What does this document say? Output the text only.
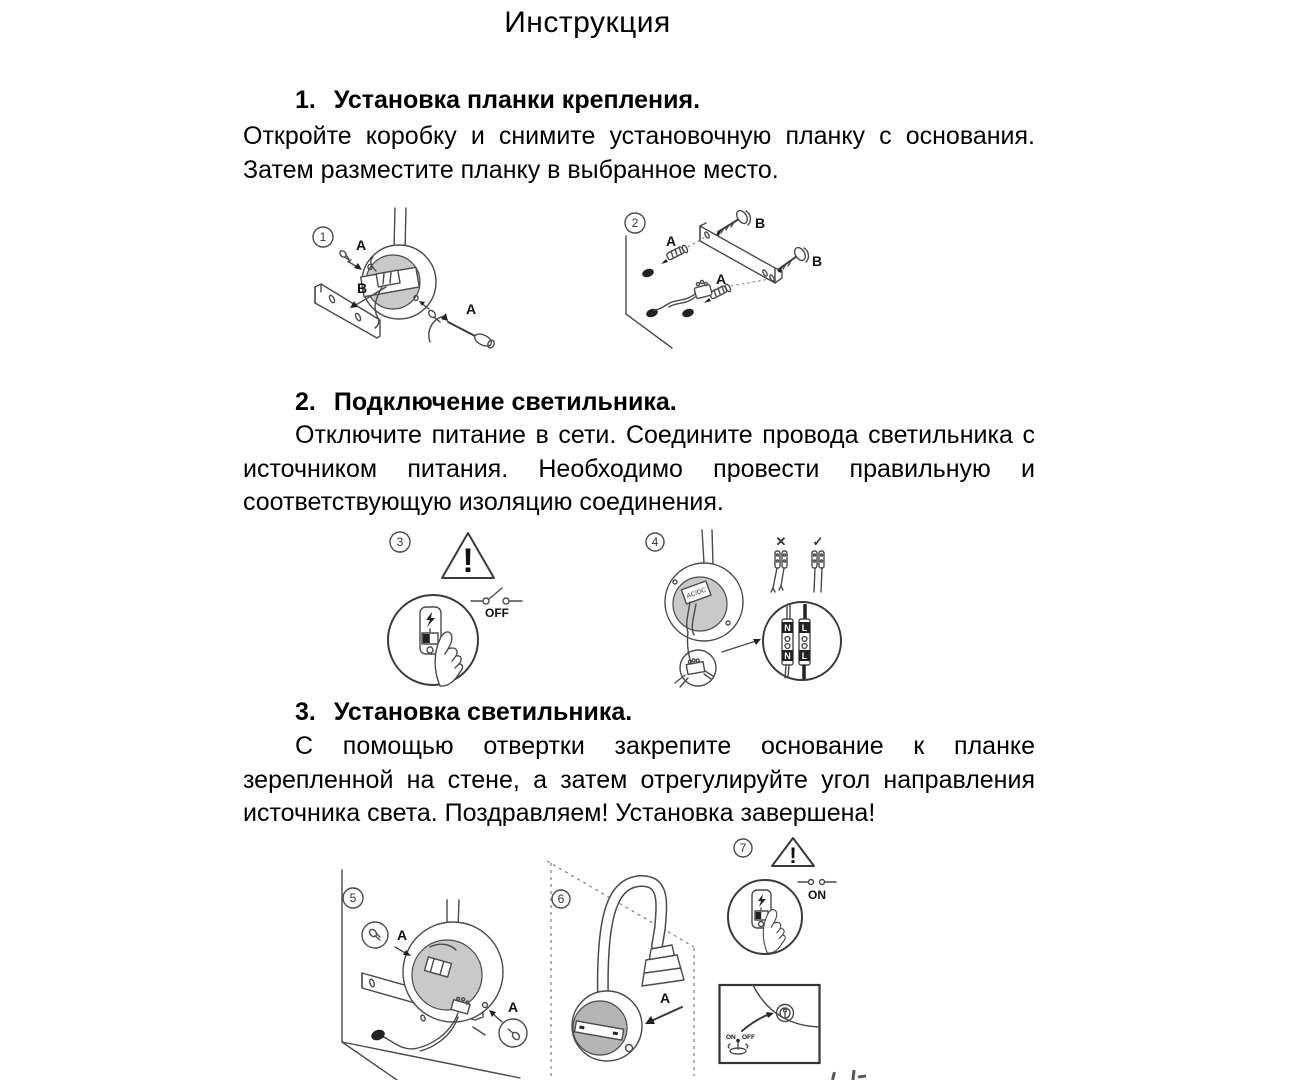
Инструкция
1. Установка планки крепления.

Откройте коробку и снимите установочную планку с основания. Затем разместите планку в выбранное место.

1 A
B
A
2	B
B
A
A
2. Подключение светильника.

Отключите питание в сети. Соедините провода светильника с источником питания. Необходимо провести правильную и соответствующую изоляцию соединения.

3 !
OFF
4
AC/DC
✕ ✓
N L
N L
3. Установка светильника.

С помощью отвертки закрепите основание к планке зерепленной на стене, а затем отрегулируйте угол направления источника света. Поздравляем! Установка завершена!

5
A
A
6
A
7 !
ON
ON OFF
